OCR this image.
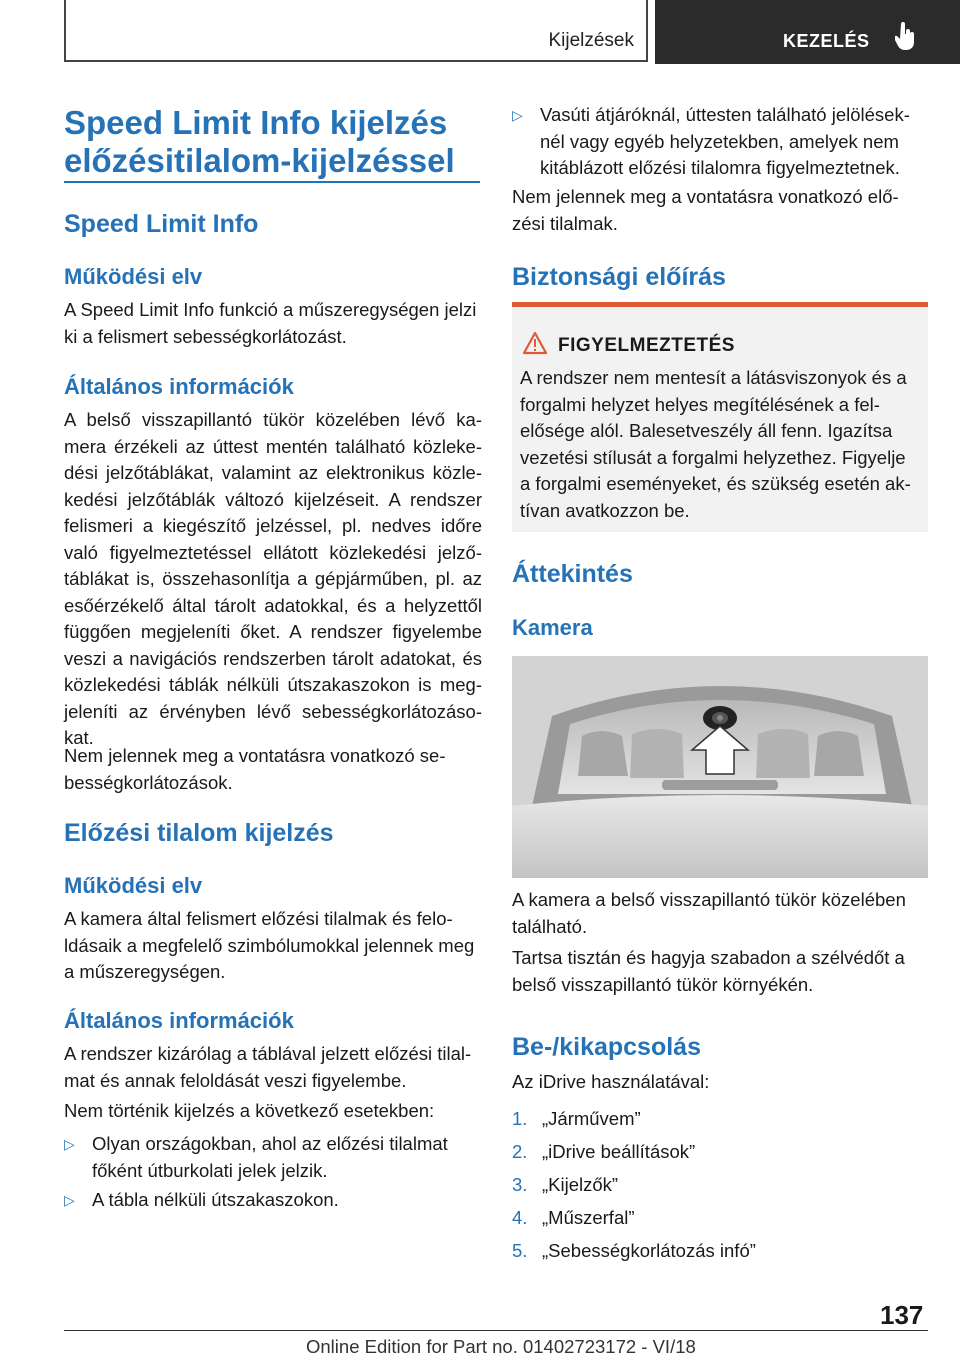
Kijelzések	KEZELÉS
Speed Limit Info kijelzés előzésitilalom-kijelzéssel
Speed Limit Info
Működési elv

A Speed Limit Info funkció a műszeregységen jelzi ki a felismert sebességkorlátozást.

Általános információk

A belső visszapillantó tükör közelében lévő ka-mera érzékeli az úttest mentén található közleke-dési jelzőtáblákat, valamint az elektronikus közle-kedési jelzőtáblák változó kijelzéseit. A rendszer felismeri a kiegészítő jelzéssel, pl. nedves időre való figyelmeztetéssel ellátott közlekedési jelző-táblákat is, összehasonlítja a gépjárműben, pl. az esőérzékelő által tárolt adatokkal, és a helyzettől függően megjeleníti őket. A rendszer figyelembe veszi a navigációs rendszerben tárolt adatokat, és közlekedési táblák nélküli útszakaszokon is meg-jeleníti az érvényben lévő sebességkorlátozáso-kat.

Nem jelennek meg a vontatásra vonatkozó se-bességkorlátozások.

Előzési tilalom kijelzés
Működési elv

A kamera által felismert előzési tilalmak és felo-ldásaik a megfelelő szimbólumokkal jelennek meg a műszeregységen.

Általános információk

A rendszer kizárólag a táblával jelzett előzési tilal-mat és annak feloldását veszi figyelembe.

Nem történik kijelzés a következő esetekben:

▷ Olyan országokban, ahol az előzési tilalmat főként útburkolati jelek jelzik.
▷ A tábla nélküli útszakaszokon.
▷ Vasúti átjáróknál, úttesten található jelölések-nél vagy egyéb helyzetekben, amelyek nem kitáblázott előzési tilalomra figyelmeztetnek.

Nem jelennek meg a vontatásra vonatkozó elő-zési tilalmak.

Biztonsági előírás
FIGYELMEZTETÉS
A rendszer nem mentesít a látásviszonyok és a forgalmi helyzet helyes megítélésének a fel-elősége alól. Balesetveszély áll fenn. Igazítsa vezetési stílusát a forgalmi helyzethez. Figyelje a forgalmi eseményeket, és szükség esetén ak-tívan avatkozzon be.
Áttekintés
Kamera

A kamera a belső visszapillantó tükör közelében található.

Tartsa tisztán és hagyja szabadon a szélvédőt a belső visszapillantó tükör környékén.

Be-/kikapcsolás

Az iDrive használatával:

1. „Járművem”
2. „iDrive beállítások”
3. „Kijelzők”
4. „Műszerfal”
5. „Sebességkorlátozás infó”
137
Online Edition for Part no. 01402723172 - VI/18
